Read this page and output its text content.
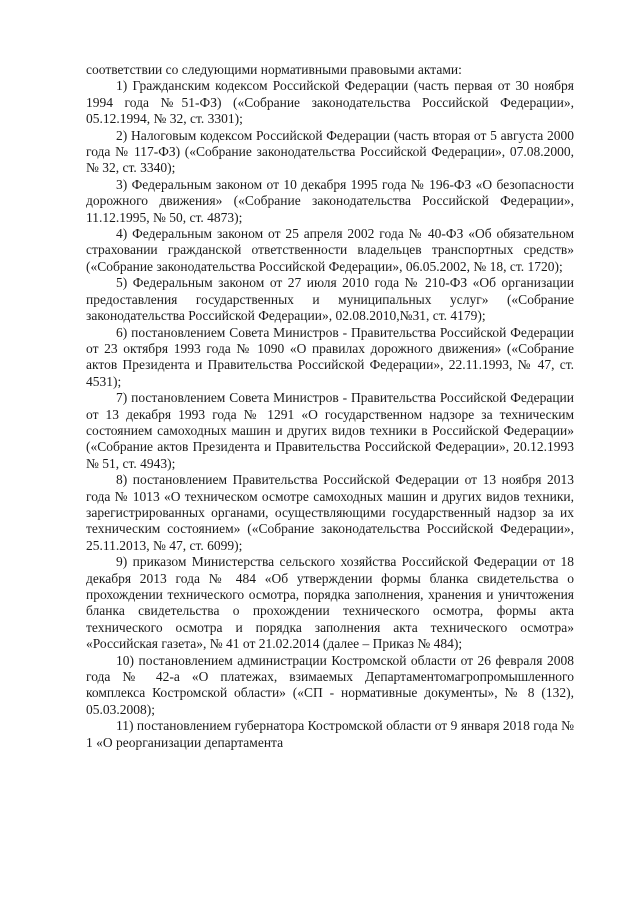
соответствии со следующими нормативными правовыми актами:

1) Гражданским кодексом Российской Федерации (часть первая от 30 ноября 1994 года №51-ФЗ) («Собрание законодательства Российской Федерации», 05.12.1994, № 32, ст. 3301);

2) Налоговым кодексом Российской Федерации (часть вторая от 5 августа 2000 года № 117-ФЗ) («Собрание законодательства Российской Федерации», 07.08.2000, № 32, ст. 3340);

3) Федеральным законом от 10 декабря 1995 года № 196-ФЗ «О безопасности дорожного движения» («Собрание законодательства Российской Федерации», 11.12.1995, № 50, ст. 4873);

4) Федеральным законом от 25 апреля 2002 года № 40-ФЗ «Об обязательном страховании гражданской ответственности владельцев транспортных средств» («Собрание законодательства Российской Федерации», 06.05.2002, № 18, ст. 1720);

5) Федеральным законом от 27 июля 2010 года № 210-ФЗ «Об организации предоставления государственных и муниципальных услуг» («Собрание законодательства Российской Федерации», 02.08.2010,№31, ст. 4179);

6) постановлением Совета Министров - Правительства Российской Федерации от 23 октября 1993 года № 1090 «О правилах дорожного движения» («Собрание актов Президента и Правительства Российской Федерации», 22.11.1993, № 47, ст. 4531);

7) постановлением Совета Министров - Правительства Российской Федерации от 13 декабря 1993 года № 1291 «О государственном надзоре за техническим состоянием самоходных машин и других видов техники в Российской Федерации» («Собрание актов Президента и Правительства Российской Федерации», 20.12.1993 № 51, ст. 4943);

8) постановлением Правительства Российской Федерации от 13 ноября 2013 года № 1013 «О техническом осмотре самоходных машин и других видов техники, зарегистрированных органами, осуществляющими государственный надзор за их техническим состоянием» («Собрание законодательства Российской Федерации», 25.11.2013, № 47, ст. 6099);

9) приказом Министерства сельского хозяйства Российской Федерации от 18 декабря 2013 года № 484 «Об утверждении формы бланка свидетельства о прохождении технического осмотра, порядка заполнения, хранения и уничтожения бланка свидетельства о прохождении технического осмотра, формы акта технического осмотра и порядка заполнения акта технического осмотра» «Российская газета», № 41 от 21.02.2014 (далее – Приказ № 484);

10) постановлением администрации Костромской области от 26 февраля 2008 года № 42-а «О платежах, взимаемых Департаментомагропромышленного комплекса Костромской области» («СП - нормативные документы», № 8 (132), 05.03.2008);

11) постановлением губернатора Костромской области от 9 января 2018 года № 1 «О реорганизации департамента
